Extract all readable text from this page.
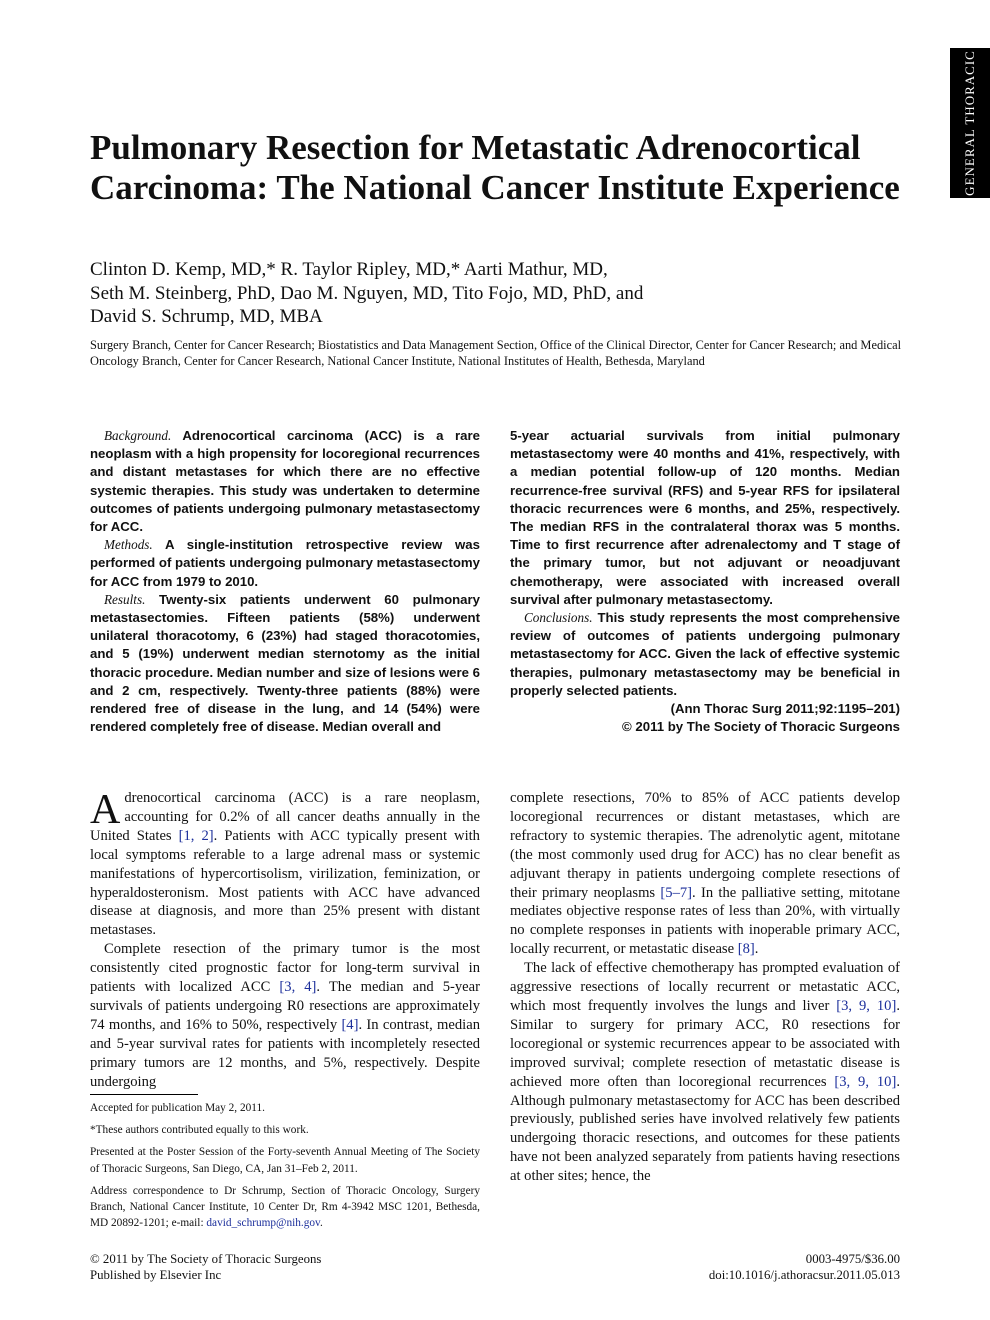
GENERAL THORACIC
Pulmonary Resection for Metastatic Adrenocortical Carcinoma: The National Cancer Institute Experience
Clinton D. Kemp, MD,* R. Taylor Ripley, MD,* Aarti Mathur, MD,
Seth M. Steinberg, PhD, Dao M. Nguyen, MD, Tito Fojo, MD, PhD, and
David S. Schrump, MD, MBA
Surgery Branch, Center for Cancer Research; Biostatistics and Data Management Section, Office of the Clinical Director, Center for Cancer Research; and Medical Oncology Branch, Center for Cancer Research, National Cancer Institute, National Institutes of Health, Bethesda, Maryland

Background. Adrenocortical carcinoma (ACC) is a rare neoplasm with a high propensity for locoregional recurrences and distant metastases for which there are no effective systemic therapies. This study was undertaken to determine outcomes of patients undergoing pulmonary metastasectomy for ACC.

Methods. A single-institution retrospective review was performed of patients undergoing pulmonary metastasectomy for ACC from 1979 to 2010.

Results. Twenty-six patients underwent 60 pulmonary metastasectomies. Fifteen patients (58%) underwent unilateral thoracotomy, 6 (23%) had staged thoracotomies, and 5 (19%) underwent median sternotomy as the initial thoracic procedure. Median number and size of lesions were 6 and 2 cm, respectively. Twenty-three patients (88%) were rendered free of disease in the lung, and 14 (54%) were rendered completely free of disease. Median overall and

5-year actuarial survivals from initial pulmonary metastasectomy were 40 months and 41%, respectively, with a median potential follow-up of 120 months. Median recurrence-free survival (RFS) and 5-year RFS for ipsilateral thoracic recurrences were 6 months, and 25%, respectively. The median RFS in the contralateral thorax was 5 months. Time to first recurrence after adrenalectomy and T stage of the primary tumor, but not adjuvant or neoadjuvant chemotherapy, were associated with increased overall survival after pulmonary metastasectomy.

Conclusions. This study represents the most comprehensive review of outcomes of patients undergoing pulmonary metastasectomy for ACC. Given the lack of effective systemic therapies, pulmonary metastasectomy may be beneficial in properly selected patients.

(Ann Thorac Surg 2011;92:1195–201)

© 2011 by The Society of Thoracic Surgeons

Adrenocortical carcinoma (ACC) is a rare neoplasm, accounting for 0.2% of all cancer deaths annually in the United States [1, 2]. Patients with ACC typically present with local symptoms referable to a large adrenal mass or systemic manifestations of hypercortisolism, virilization, feminization, or hyperaldosteronism. Most patients with ACC have advanced disease at diagnosis, and more than 25% present with distant metastases.

Complete resection of the primary tumor is the most consistently cited prognostic factor for long-term survival in patients with localized ACC [3, 4]. The median and 5-year survivals of patients undergoing R0 resections are approximately 74 months, and 16% to 50%, respectively [4]. In contrast, median and 5-year survival rates for patients with incompletely resected primary tumors are 12 months, and 5%, respectively. Despite undergoing

complete resections, 70% to 85% of ACC patients develop locoregional recurrences or distant metastases, which are refractory to systemic therapies. The adrenolytic agent, mitotane (the most commonly used drug for ACC) has no clear benefit as adjuvant therapy in patients undergoing complete resections of their primary neoplasms [5–7]. In the palliative setting, mitotane mediates objective response rates of less than 20%, with virtually no complete responses in patients with inoperable primary ACC, locally recurrent, or metastatic disease [8].

The lack of effective chemotherapy has prompted evaluation of aggressive resections of locally recurrent or metastatic ACC, which most frequently involves the lungs and liver [3, 9, 10]. Similar to surgery for primary ACC, R0 resections for locoregional or systemic recurrences appear to be associated with improved survival; complete resection of metastatic disease is achieved more often than locoregional recurrences [3, 9, 10]. Although pulmonary metastasectomy for ACC has been described previously, published series have involved relatively few patients undergoing thoracic resections, and outcomes for these patients have not been analyzed separately from patients having resections at other sites; hence, the

Accepted for publication May 2, 2011.

*These authors contributed equally to this work.

Presented at the Poster Session of the Forty-seventh Annual Meeting of The Society of Thoracic Surgeons, San Diego, CA, Jan 31–Feb 2, 2011.

Address correspondence to Dr Schrump, Section of Thoracic Oncology, Surgery Branch, National Cancer Institute, 10 Center Dr, Rm 4-3942 MSC 1201, Bethesda, MD 20892-1201; e-mail: david_schrump@nih.gov.

© 2011 by The Society of Thoracic Surgeons
Published by Elsevier Inc
0003-4975/$36.00
doi:10.1016/j.athoracsur.2011.05.013
